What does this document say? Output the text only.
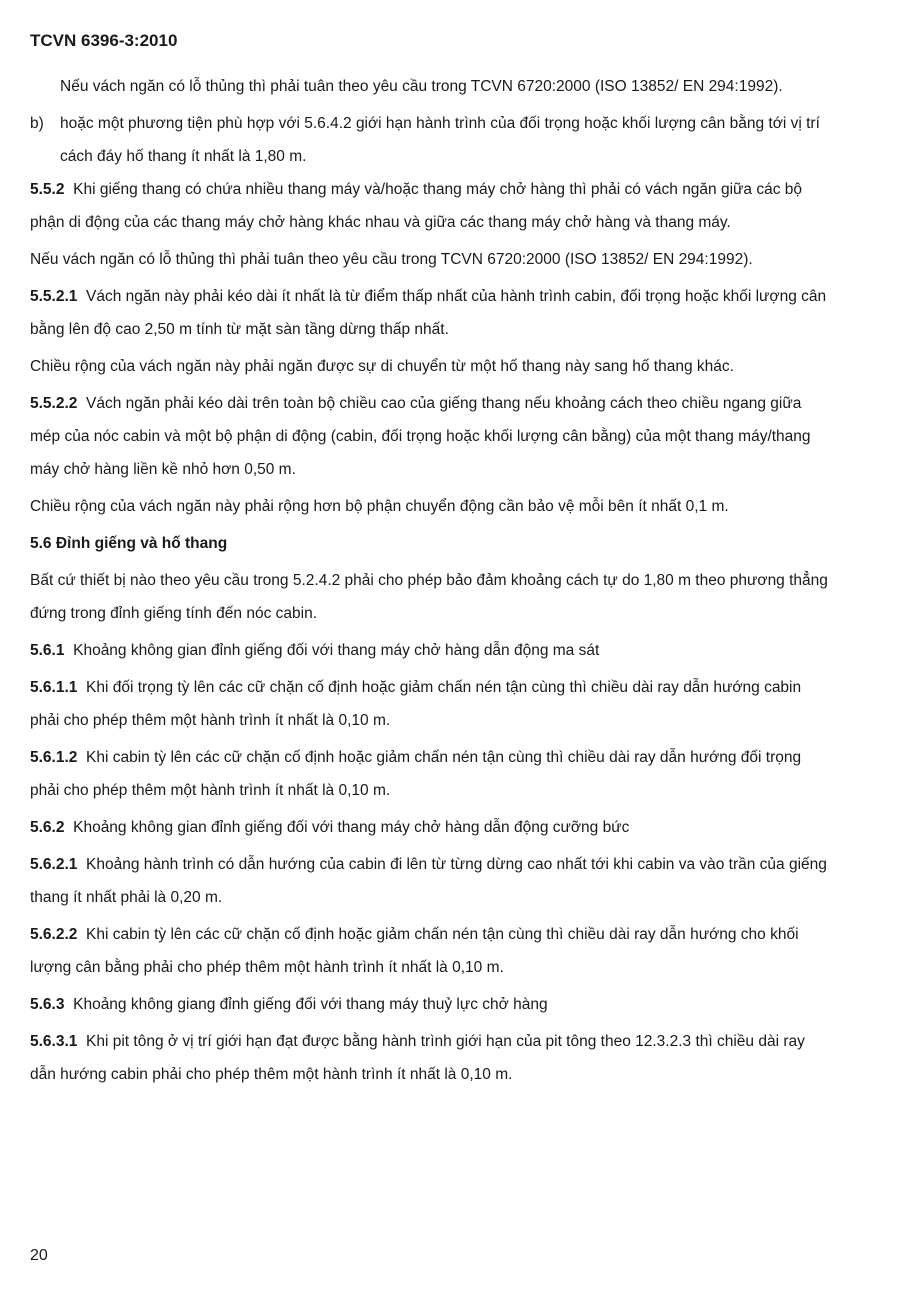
TCVN 6396-3:2010

Nếu vách ngăn có lỗ thủng thì phải tuân theo yêu cầu trong TCVN 6720:2000 (ISO 13852/ EN 294:1992).

b)	hoặc một phương tiện phù hợp với 5.6.4.2 giới hạn hành trình của đối trọng hoặc khối lượng cân bằng tới vị trí cách đáy hố thang ít nhất là 1,80 m.

5.5.2 Khi giếng thang có chứa nhiều thang máy và/hoặc thang máy chở hàng thì phải có vách ngăn giữa các bộ phận di động của các thang máy chở hàng khác nhau và giữa các thang máy chở hàng và thang máy.

Nếu vách ngăn có lỗ thủng thì phải tuân theo yêu cầu trong TCVN 6720:2000 (ISO 13852/ EN 294:1992).

5.5.2.1 Vách ngăn này phải kéo dài ít nhất là từ điểm thấp nhất của hành trình cabin, đối trọng hoặc khối lượng cân bằng lên độ cao 2,50 m tính từ mặt sàn tầng dừng thấp nhất.

Chiều rộng của vách ngăn này phải ngăn được sự di chuyển từ một hố thang này sang hố thang khác.

5.5.2.2 Vách ngăn phải kéo dài trên toàn bộ chiều cao của giếng thang nếu khoảng cách theo chiều ngang giữa mép của nóc cabin và một bộ phận di động (cabin, đối trọng hoặc khối lượng cân bằng) của một thang máy/thang máy chở hàng liền kề nhỏ hơn 0,50 m.

Chiều rộng của vách ngăn này phải rộng hơn bộ phận chuyển động cần bảo vệ mỗi bên ít nhất 0,1 m.

5.6 Đỉnh giếng và hố thang

Bất cứ thiết bị nào theo yêu cầu trong 5.2.4.2 phải cho phép bảo đảm khoảng cách tự do 1,80 m theo phương thẳng đứng trong đỉnh giếng tính đến nóc cabin.

5.6.1 Khoảng không gian đỉnh giếng đối với thang máy chở hàng dẫn động ma sát

5.6.1.1 Khi đối trọng tỳ lên các cữ chặn cố định hoặc giảm chấn nén tận cùng thì chiều dài ray dẫn hướng cabin phải cho phép thêm một hành trình ít nhất là 0,10 m.

5.6.1.2 Khi cabin tỳ lên các cữ chặn cố định hoặc giảm chấn nén tận cùng thì chiều dài ray dẫn hướng đối trọng phải cho phép thêm một hành trình ít nhất là 0,10 m.

5.6.2 Khoảng không gian đỉnh giếng đối với thang máy chở hàng dẫn động cưỡng bức

5.6.2.1 Khoảng hành trình có dẫn hướng của cabin đi lên từ từng dừng cao nhất tới khi cabin va vào trần của giếng thang ít nhất phải là 0,20 m.

5.6.2.2 Khi cabin tỳ lên các cữ chặn cố định hoặc giảm chấn nén tận cùng thì chiều dài ray dẫn hướng cho khối lượng cân bằng phải cho phép thêm một hành trình ít nhất là 0,10 m.

5.6.3 Khoảng không giang đỉnh giếng đối với thang máy thuỷ lực chở hàng

5.6.3.1 Khi pit tông ở vị trí giới hạn đạt được bằng hành trình giới hạn của pit tông theo 12.3.2.3 thì chiều dài ray dẫn hướng cabin phải cho phép thêm một hành trình ít nhất là 0,10 m.

20
